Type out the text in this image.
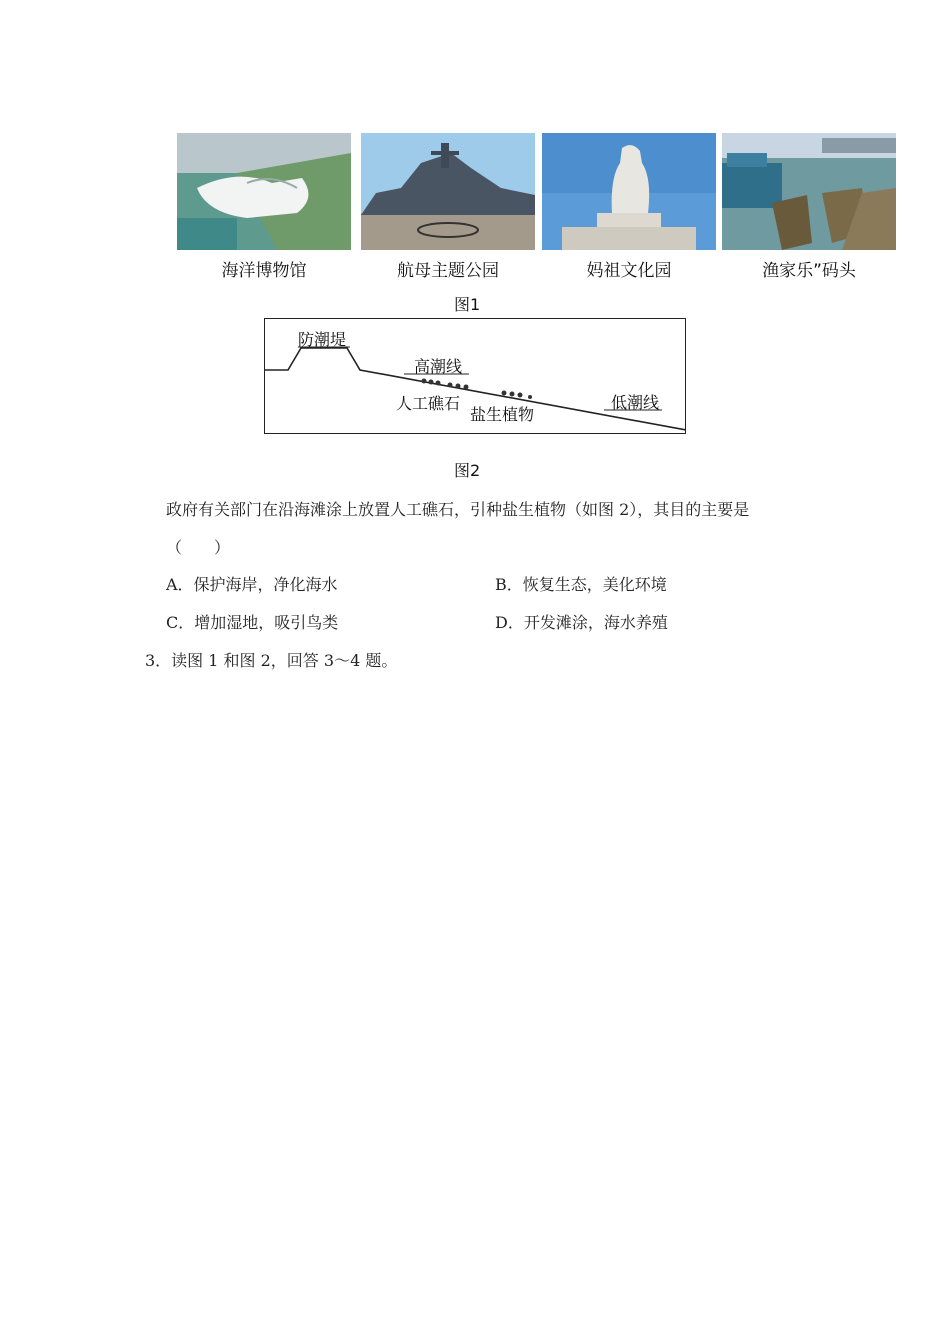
海洋博物馆	航母主题公园	妈祖文化园	渔家乐”码头
图1
防潮堤
高潮线
人工礁石
盐生植物
低潮线
图2
政府有关部门在沿海滩涂上放置人工礁石，引种盐生植物（如图 2），其目的主要是
（　　）
A．保护海岸，净化海水	B．恢复生态，美化环境
C．增加湿地，吸引鸟类	D．开发滩涂，海水养殖
3．读图 1 和图 2，回答 3～4 题。
